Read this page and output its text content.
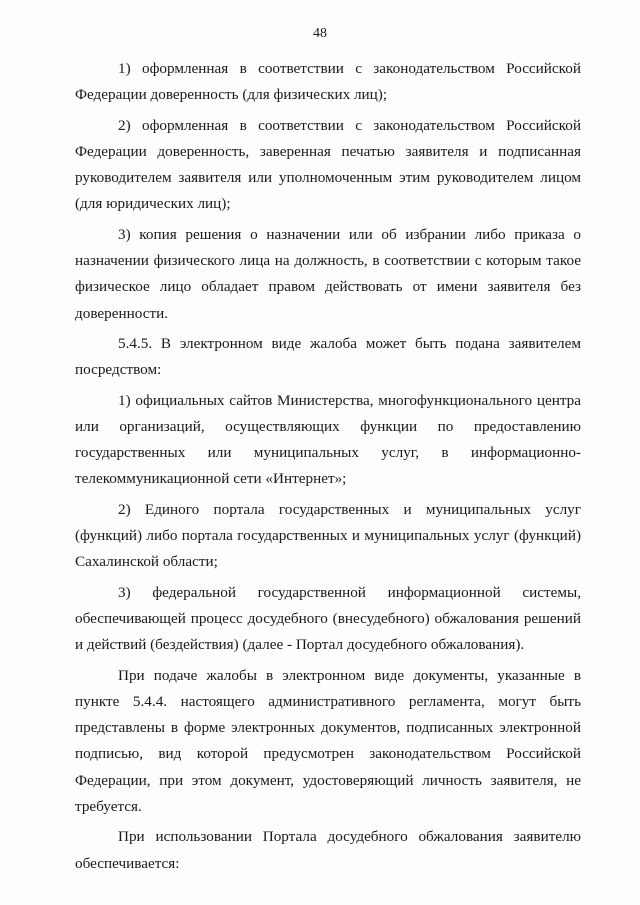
48

1) оформленная в соответствии с законодательством Российской Федерации доверенность (для физических лиц);

2) оформленная в соответствии с законодательством Российской Федерации доверенность, заверенная печатью заявителя и подписанная руководителем заявителя или уполномоченным этим руководителем лицом (для юридических лиц);

3) копия решения о назначении или об избрании либо приказа о назначении физического лица на должность, в соответствии с которым такое физическое лицо обладает правом действовать от имени заявителя без доверенности.

5.4.5. В электронном виде жалоба может быть подана заявителем посредством:

1) официальных сайтов Министерства, многофункционального центра или организаций, осуществляющих функции по предоставлению государственных или муниципальных услуг, в информационно-телекоммуникационной сети «Интернет»;

2) Единого портала государственных и муниципальных услуг (функций) либо портала государственных и муниципальных услуг (функций) Сахалинской области;

3) федеральной государственной информационной системы, обеспечивающей процесс досудебного (внесудебного) обжалования решений и действий (бездействия) (далее - Портал досудебного обжалования).

При подаче жалобы в электронном виде документы, указанные в пункте 5.4.4. настоящего административного регламента, могут быть представлены в форме электронных документов, подписанных электронной подписью, вид которой предусмотрен законодательством Российской Федерации, при этом документ, удостоверяющий личность заявителя, не требуется.

При использовании Портала досудебного обжалования заявителю обеспечивается:
